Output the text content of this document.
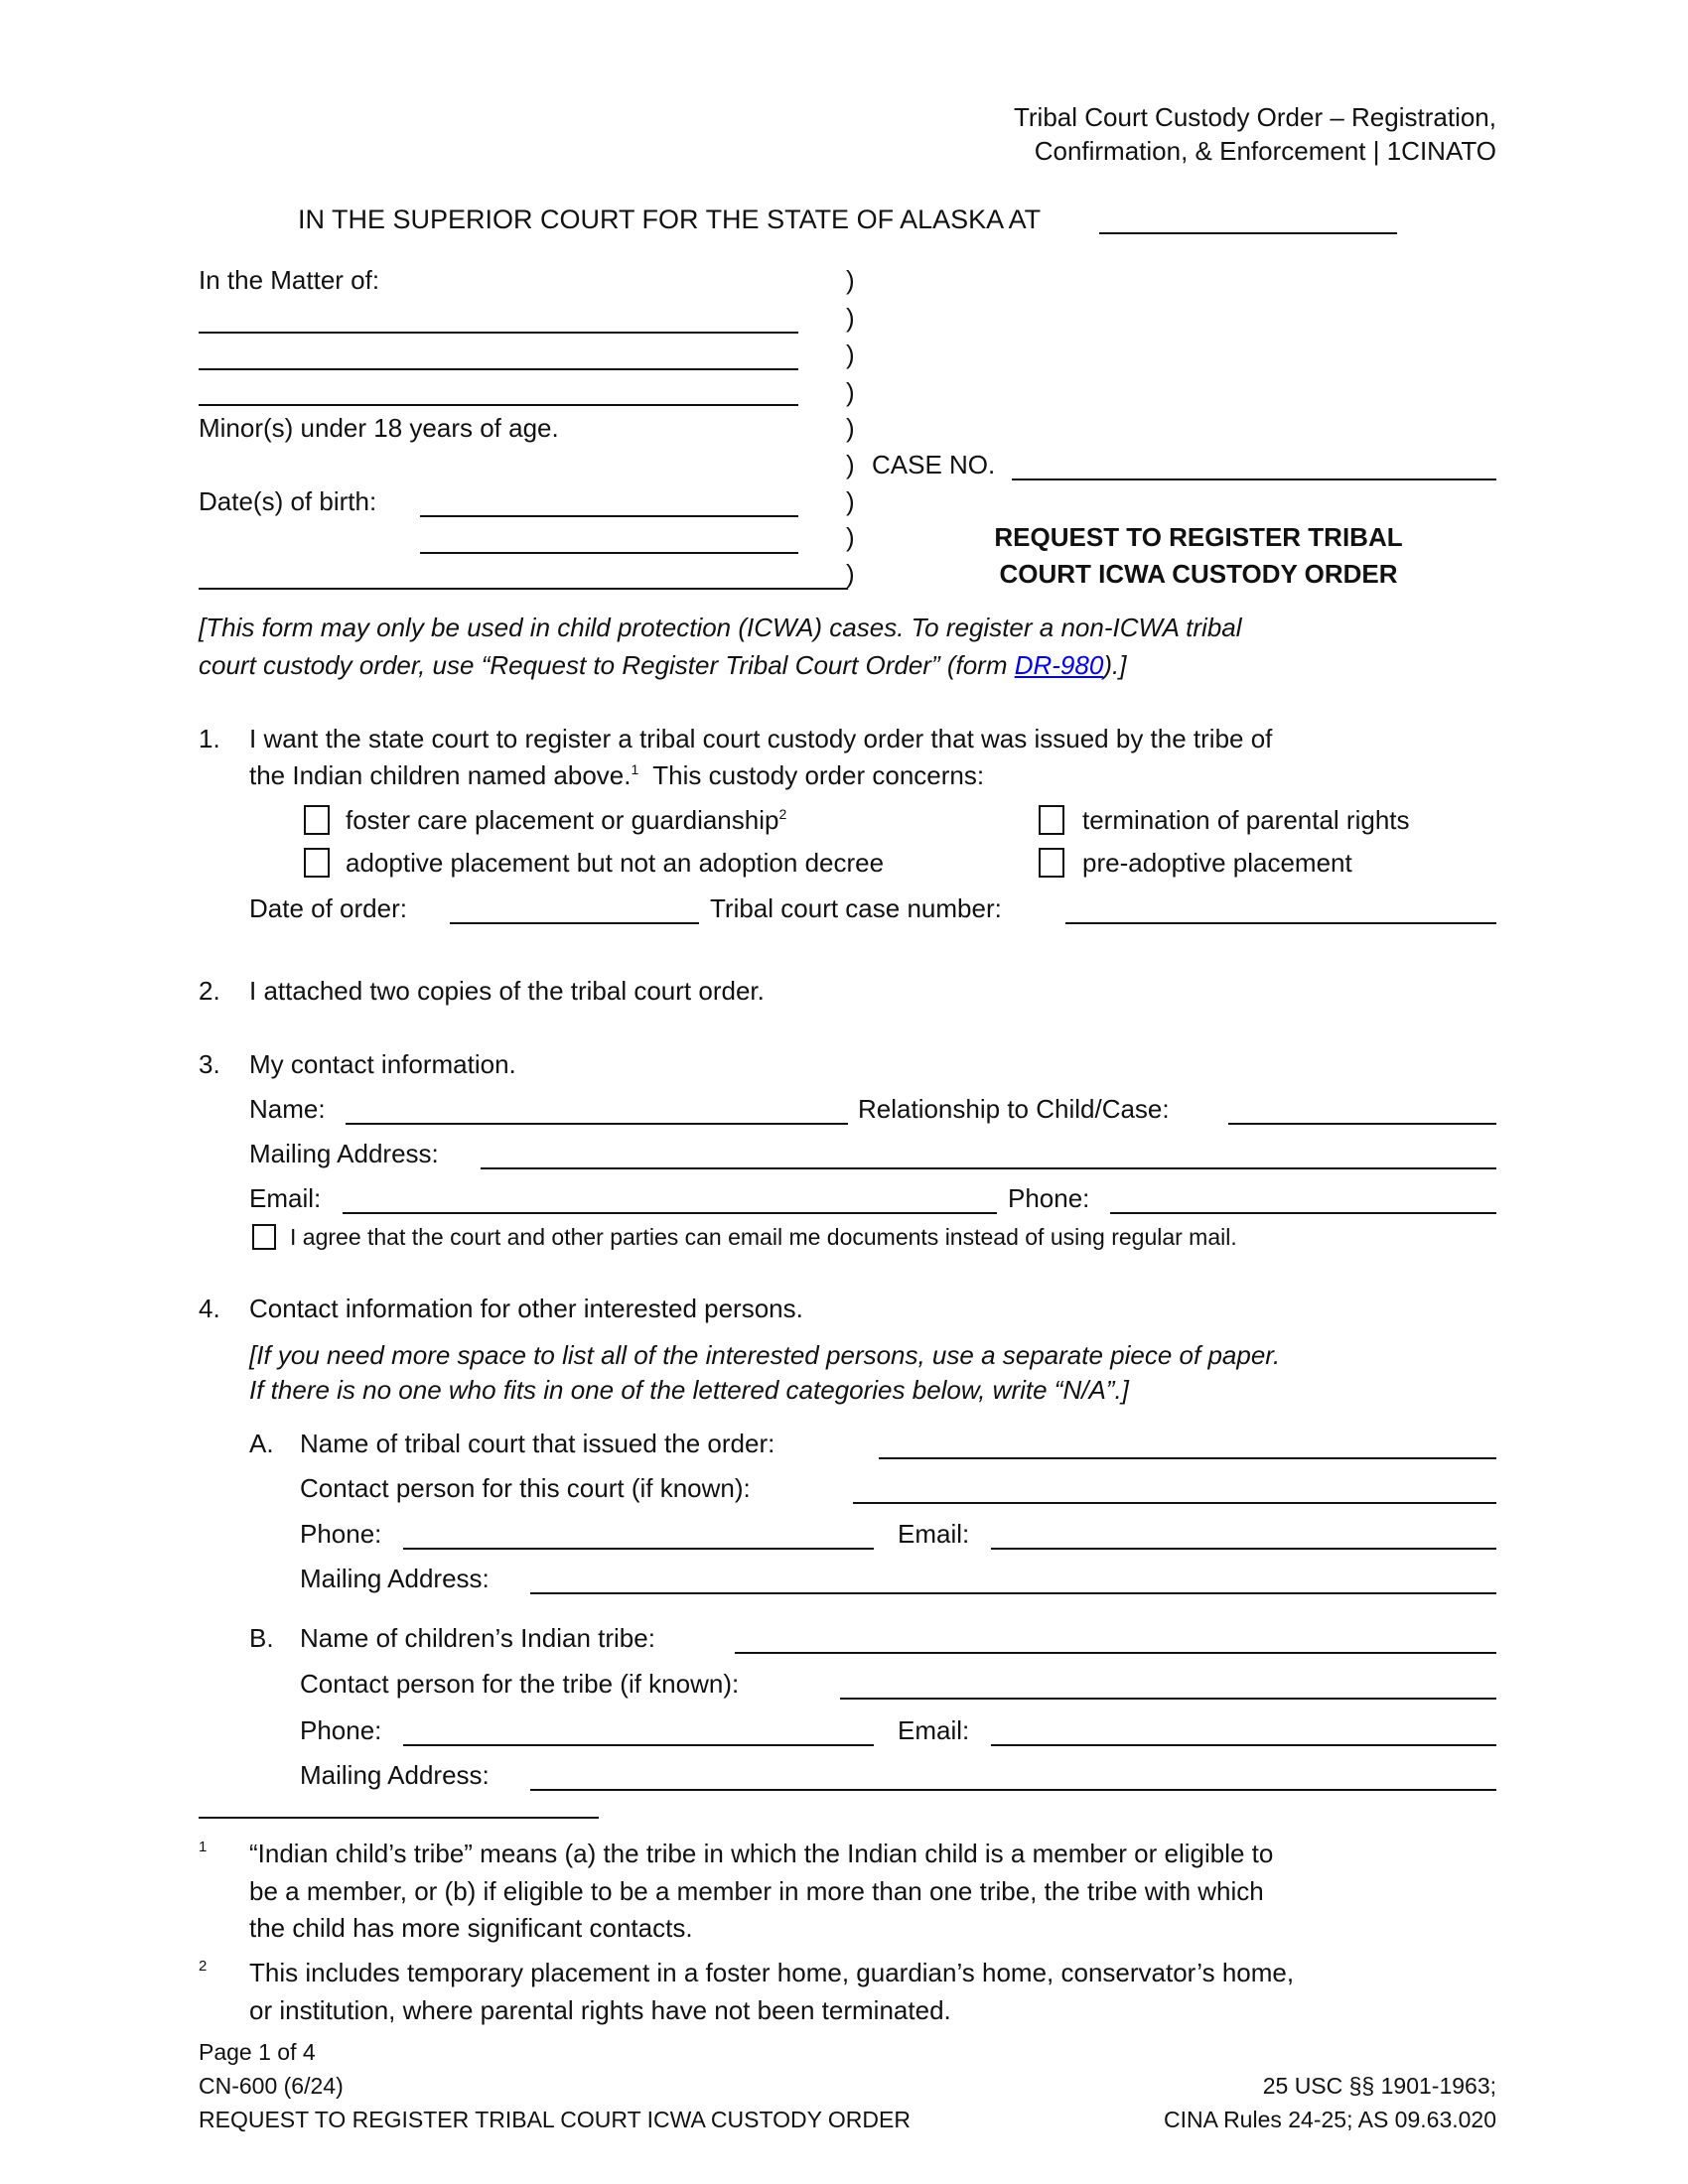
Tribal Court Custody Order – Registration,
Confirmation, & Enforcement | 1CINATO
IN THE SUPERIOR COURT FOR THE STATE OF ALASKA AT
In the Matter of:
Minor(s) under 18 years of age.
Date(s) of birth:
)
)
)
)
)
)
)
)
)
CASE NO.
REQUEST TO REGISTER TRIBAL
COURT ICWA CUSTODY ORDER
[This form may only be used in child protection (ICWA) cases. To register a non-ICWA tribal
court custody order, use “Request to Register Tribal Court Order” (form DR-980).]
1. I want the state court to register a tribal court custody order that was issued by the tribe of
the Indian children named above.$^1$  This custody order concerns:
foster care placement or guardianship$^2$	termination of parental rights
adoptive placement but not an adoption decree	pre-adoptive placement
Date of order:	Tribal court case number:
2. I attached two copies of the tribal court order.
3. My contact information.
Name:	Relationship to Child/Case:
Mailing Address:
Email:	Phone:
I agree that the court and other parties can email me documents instead of using regular mail.
4. Contact information for other interested persons.
[If you need more space to list all of the interested persons, use a separate piece of paper.
If there is no one who fits in one of the lettered categories below, write “N/A”.]
A. Name of tribal court that issued the order:
Contact person for this court (if known):
Phone:	Email:
Mailing Address:
B. Name of children’s Indian tribe:
Contact person for the tribe (if known):
Phone:	Email:
Mailing Address:
1 “Indian child’s tribe” means (a) the tribe in which the Indian child is a member or eligible to
be a member, or (b) if eligible to be a member in more than one tribe, the tribe with which
the child has more significant contacts.
2 This includes temporary placement in a foster home, guardian’s home, conservator’s home,
or institution, where parental rights have not been terminated.
Page 1 of 4
CN-600 (6/24)
REQUEST TO REGISTER TRIBAL COURT ICWA CUSTODY ORDER
25 USC §§ 1901-1963;
CINA Rules 24-25; AS 09.63.020
